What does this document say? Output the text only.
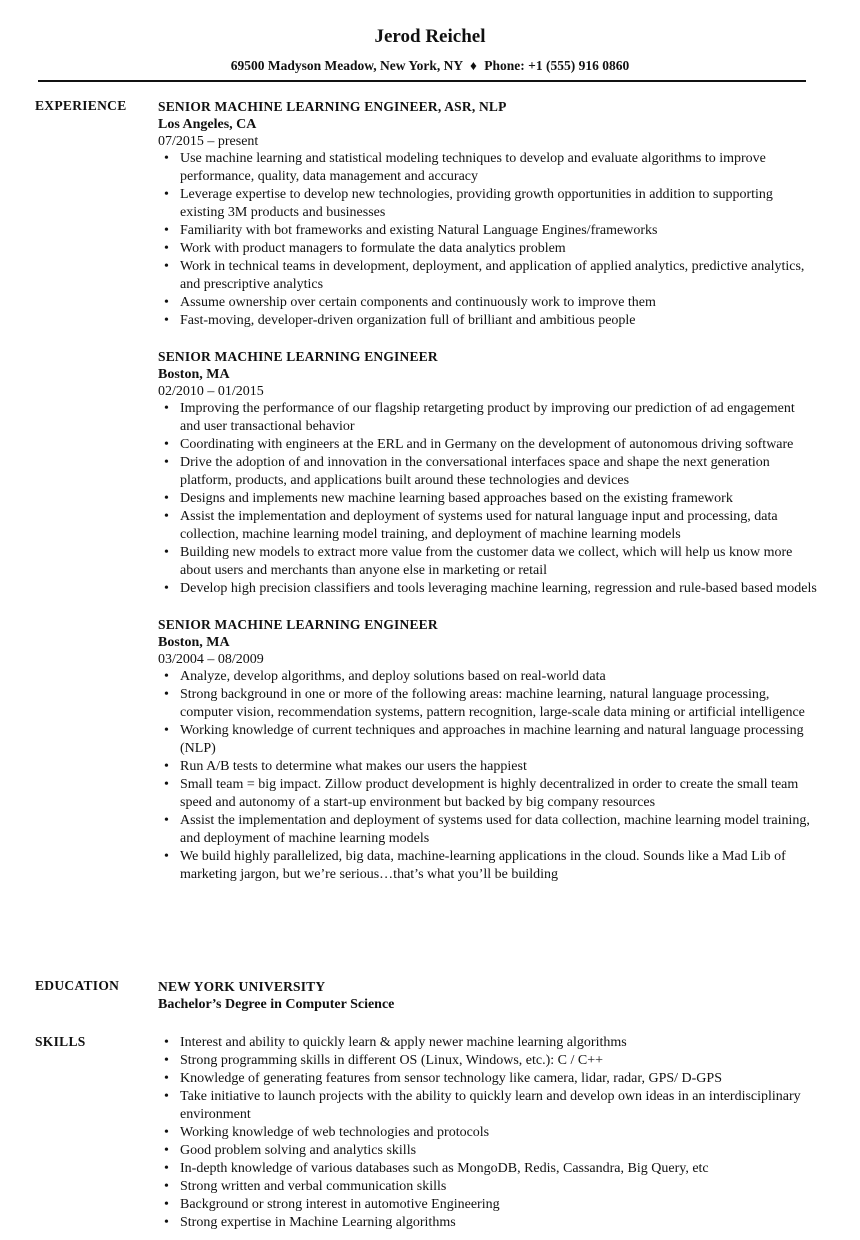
Jerod Reichel
69500 Madyson Meadow, New York, NY ♦ Phone: +1 (555) 916 0860
EXPERIENCE SENIOR MACHINE LEARNING ENGINEER, ASR, NLP
Los Angeles, CA
07/2015 – present
• Use machine learning and statistical modeling techniques to develop and evaluate algorithms to improve performance, quality, data management and accuracy
• Leverage expertise to develop new technologies, providing growth opportunities in addition to supporting existing 3M products and businesses
• Familiarity with bot frameworks and existing Natural Language Engines/frameworks
• Work with product managers to formulate the data analytics problem
• Work in technical teams in development, deployment, and application of applied analytics, predictive analytics, and prescriptive analytics
• Assume ownership over certain components and continuously work to improve them
• Fast-moving, developer-driven organization full of brilliant and ambitious people
SENIOR MACHINE LEARNING ENGINEER
Boston, MA
02/2010 – 01/2015
• Improving the performance of our flagship retargeting product by improving our prediction of ad engagement and user transactional behavior
• Coordinating with engineers at the ERL and in Germany on the development of autonomous driving software
• Drive the adoption of and innovation in the conversational interfaces space and shape the next generation platform, products, and applications built around these technologies and devices
• Designs and implements new machine learning based approaches based on the existing framework
• Assist the implementation and deployment of systems used for natural language input and processing, data collection, machine learning model training, and deployment of machine learning models
• Building new models to extract more value from the customer data we collect, which will help us know more about users and merchants than anyone else in marketing or retail
• Develop high precision classifiers and tools leveraging machine learning, regression and rule-based based models
SENIOR MACHINE LEARNING ENGINEER
Boston, MA
03/2004 – 08/2009
• Analyze, develop algorithms, and deploy solutions based on real-world data
• Strong background in one or more of the following areas: machine learning, natural language processing, computer vision, recommendation systems, pattern recognition, large-scale data mining or artificial intelligence
• Working knowledge of current techniques and approaches in machine learning and natural language processing (NLP)
• Run A/B tests to determine what makes our users the happiest
• Small team = big impact. Zillow product development is highly decentralized in order to create the small team speed and autonomy of a start-up environment but backed by big company resources
• Assist the implementation and deployment of systems used for data collection, machine learning model training, and deployment of machine learning models
• We build highly parallelized, big data, machine-learning applications in the cloud. Sounds like a Mad Lib of marketing jargon, but we’re serious…that’s what you’ll be building
EDUCATION	NEW YORK UNIVERSITY
Bachelor’s Degree in Computer Science
SKILLS
•	Interest and ability to quickly learn & apply newer machine learning algorithms
• Strong programming skills in different OS (Linux, Windows, etc.): C / C++
• Knowledge of generating features from sensor technology like camera, lidar, radar, GPS/ D-GPS
• Take initiative to launch projects with the ability to quickly learn and develop own ideas in an interdisciplinary environment
• Working knowledge of web technologies and protocols
• Good problem solving and analytics skills
• In-depth knowledge of various databases such as MongoDB, Redis, Cassandra, Big Query, etc
• Strong written and verbal communication skills
• Background or strong interest in automotive Engineering
• Strong expertise in Machine Learning algorithms
